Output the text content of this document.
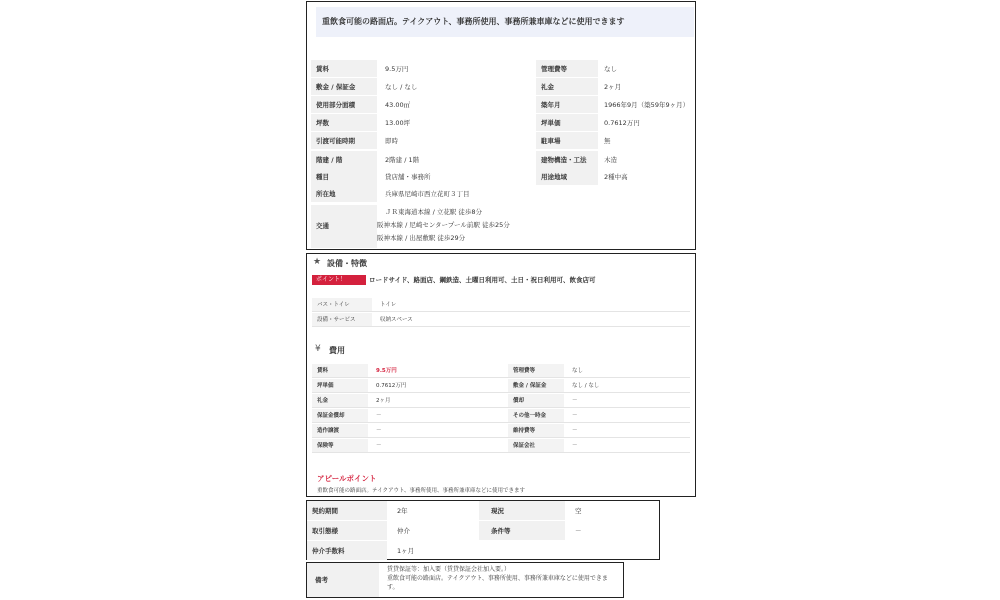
重飲食可能の路面店。テイクアウト、事務所使用、事務所兼車庫などに使用できます
賃料	9.5万円	管理費等	なし
敷金 / 保証金	なし / なし	礼金	2ヶ月
使用部分面積	43.00㎡	築年月	1966年9月（築59年9ヶ月）
坪数	13.00坪	坪単価	0.7612万円
引渡可能時期	即時	駐車場	無
階建 / 階	2階建 / 1階	建物構造・工法	木造
種目	貸店舗・事務所	用途地域	2種中高
所在地	兵庫県尼崎市西立花町３丁目
交通
ＪＲ東海道本線 / 立花駅 徒歩8分
阪神本線 / 尼崎センタープール前駅 徒歩25分
阪神本線 / 出屋敷駅 徒歩29分
★ 設備・特徴
ポイント！	ロードサイド、路面店、鋼鉄造、土曜日利用可、土日・祝日利用可、飲食店可
バス・トイレ	トイレ
設備・サービス	収納スペース
¥ 費用
賃料	9.5万円	管理費等	なし
坪単価	0.7612万円	敷金 / 保証金	なし / なし
礼金	2ヶ月	償却	－
保証金償却	－	その他一時金	－
造作譲渡	－	維持費等	－
保険等	－	保証会社	－
アピールポイント
重飲食可能の路面店。テイクアウト、事務所使用、事務所兼車庫などに使用できます
契約期間	2年	現況	空
取引態様	仲介	条件等	－
仲介手数料	1ヶ月
備考
賃貸保証等：加入要（賃貸保証会社加入要。）
重飲食可能の路面店。テイクアウト、事務所使用、事務所兼車庫などに使用できま
す。
